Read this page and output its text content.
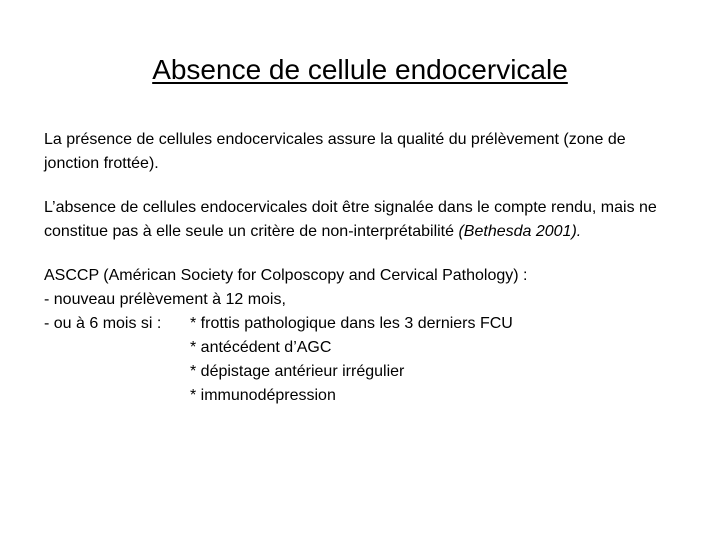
Absence de cellule endocervicale

La présence de cellules endocervicales assure la qualité du prélèvement (zone de jonction frottée).

L’absence de cellules endocervicales doit être signalée dans le compte rendu, mais ne constitue pas à elle seule un critère de non-interprétabilité (Bethesda 2001).

ASCCP (Américan Society for Colposcopy and Cervical Pathology) :

- nouveau prélèvement à 12 mois,

- ou à 6 mois si :	* frottis pathologique dans les 3 derniers FCU
* antécédent d’AGC
* dépistage antérieur irrégulier
* immunodépression
